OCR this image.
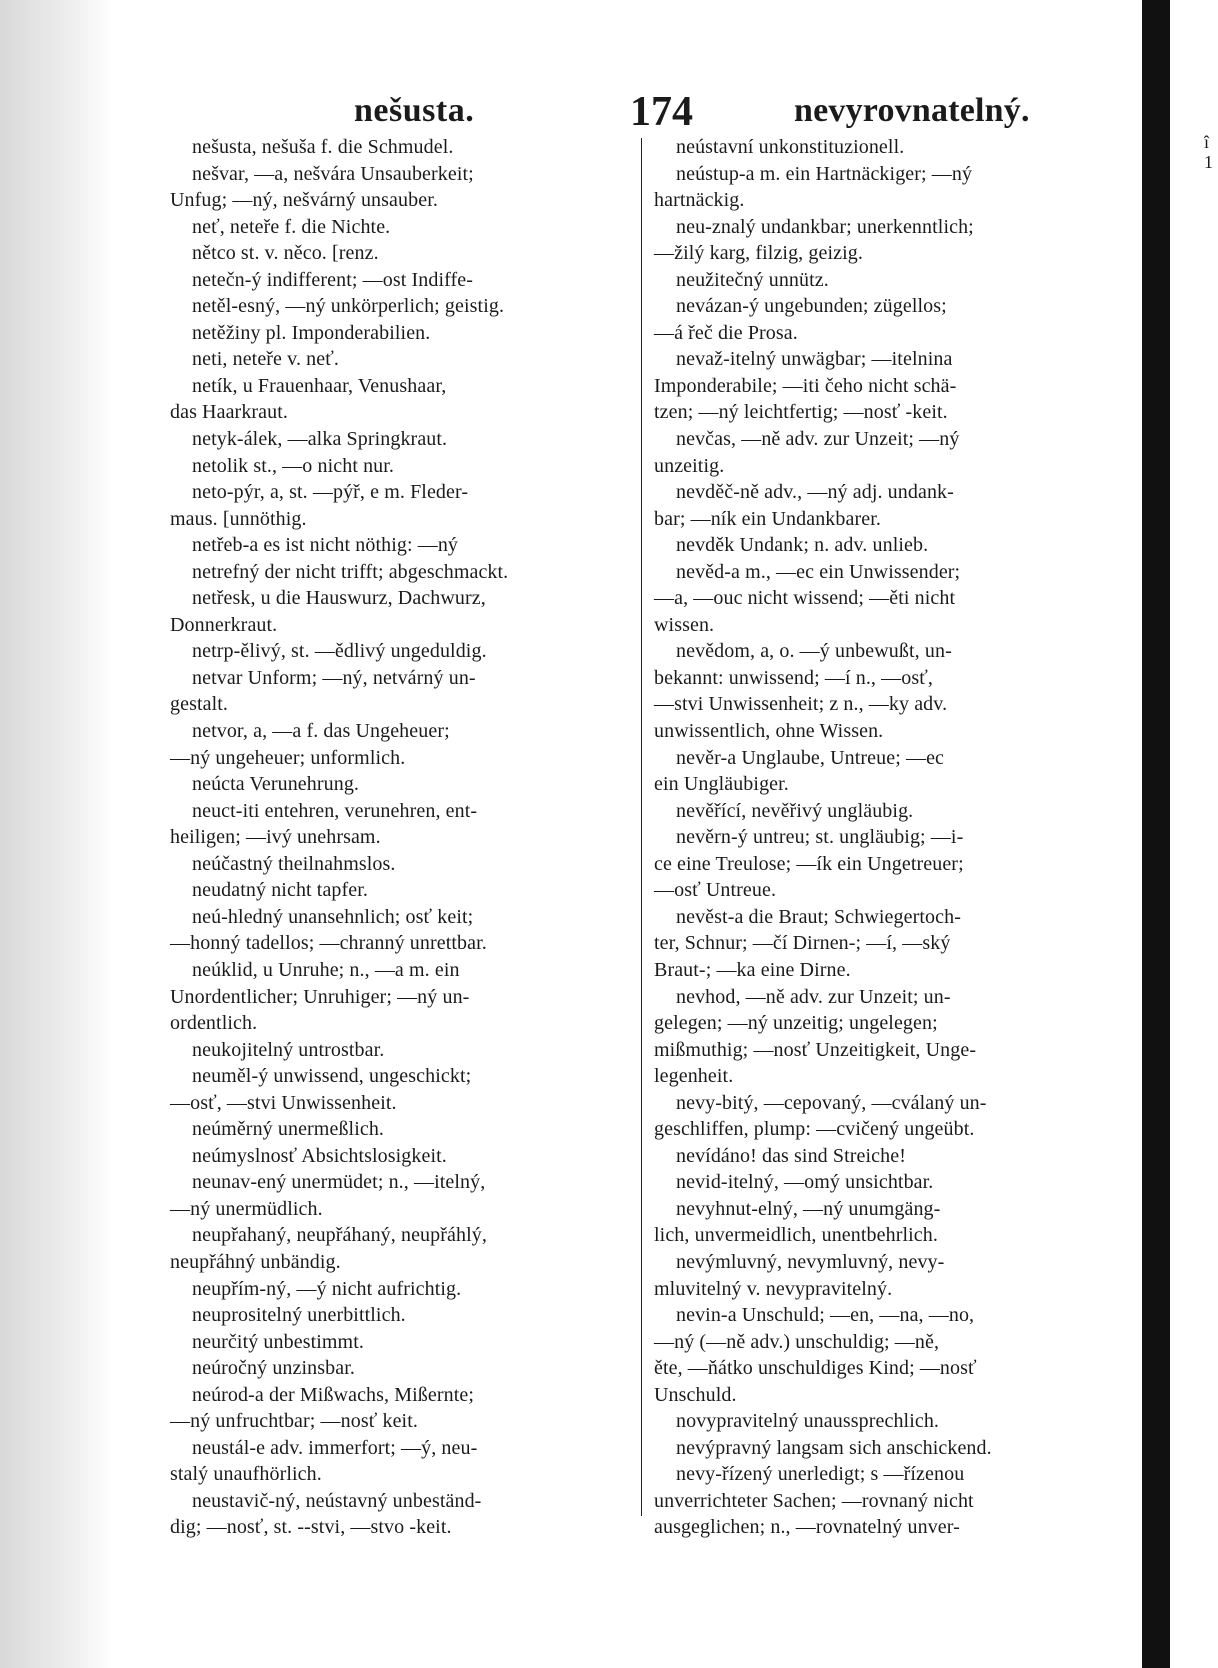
î
1
nešusta.	174	nevyrovnatelný.
nešusta, nešuša f. die Schmudel.
nešvar, —a, nešvára Unsauberkeit;
Unfug; —ný, nešvárný unsauber.
neť, neteře f. die Nichte.
nětco st. v. něco. [renz.
netečn-ý indifferent; —ost Indiffe-
netěl-esný, —ný unkörperlich; geistig.
netěžiny pl. Imponderabilien.
neti, neteře v. neť.
netík, u Frauenhaar, Venushaar,
das Haarkraut.
netyk-álek, —alka Springkraut.
netolik st., —o nicht nur.
neto-pýr, a, st. —pýř, e m. Fleder-
maus. [unnöthig.
netřeb-a es ist nicht nöthig: —ný
netrefný der nicht trifft; abgeschmackt.
netřesk, u die Hauswurz, Dachwurz,
Donnerkraut.
netrp-ělivý, st. —ědlivý ungeduldig.
netvar Unform; —ný, netvárný un-
gestalt.
netvor, a, —a f. das Ungeheuer;
—ný ungeheuer; unformlich.
neúcta Verunehrung.
neuct-iti entehren, verunehren, ent-
heiligen; —ivý unehrsam.
neúčastný theilnahmslos.
neudatný nicht tapfer.
neú-hledný unansehnlich; osť keit;
—honný tadellos; —chranný unrettbar.
neúklid, u Unruhe; n., —a m. ein
Unordentlicher; Unruhiger; —ný un-
ordentlich.
neukojitelný untrostbar.
neuměl-ý unwissend, ungeschickt;
—osť, —stvi Unwissenheit.
neúměrný unermeßlich.
neúmyslnosť Absichtslosigkeit.
neunav-ený unermüdet; n., —itelný,
—ný unermüdlich.
neupřahaný, neupřáhaný, neupřáhlý,
neupřáhný unbändig.
neupřím-ný, —ý nicht aufrichtig.
neuprositelný unerbittlich.
neurčitý unbestimmt.
neúročný unzinsbar.
neúrod-a der Mißwachs, Mißernte;
—ný unfruchtbar; —nosť keit.
neustál-e adv. immerfort; —ý, neu-
stalý unaufhörlich.
neustavič-ný, neústavný unbeständ-
dig; —nosť, st. --stvi, —stvo -keit.
neústavní unkonstituzionell.
neústup-a m. ein Hartnäckiger; —ný
hartnäckig.
neu-znalý undankbar; unerkenntlich;
—žilý karg, filzig, geizig.
neužitečný unnütz.
nevázan-ý ungebunden; zügellos;
—á řeč die Prosa.
nevaž-itelný unwägbar; —itelnina
Imponderabile; —iti čeho nicht schä-
tzen; —ný leichtfertig; —nosť -keit.
nevčas, —ně adv. zur Unzeit; —ný
unzeitig.
nevděč-ně adv., —ný adj. undank-
bar; —ník ein Undankbarer.
nevděk Undank; n. adv. unlieb.
nevěd-a m., —ec ein Unwissender;
—a, —ouc nicht wissend; —ěti nicht
wissen.
nevědom, a, o. —ý unbewußt, un-
bekannt: unwissend; —í n., —osť,
—stvi Unwissenheit; z n., —ky adv.
unwissentlich, ohne Wissen.
nevěr-a Unglaube, Untreue; —ec
ein Ungläubiger.
nevěřící, nevěřivý ungläubig.
nevěrn-ý untreu; st. ungläubig; —i-
ce eine Treulose; —ík ein Ungetreuer;
—osť Untreue.
nevěst-a die Braut; Schwiegertoch-
ter, Schnur; —čí Dirnen-; —í, —ský
Braut-; —ka eine Dirne.
nevhod, —ně adv. zur Unzeit; un-
gelegen; —ný unzeitig; ungelegen;
mißmuthig; —nosť Unzeitigkeit, Unge-
legenheit.
nevy-bitý, —cepovaný, —cválaný un-
geschliffen, plump: —cvičený ungeübt.
nevídáno! das sind Streiche!
nevid-itelný, —omý unsichtbar.
nevyhnut-elný, —ný unumgäng-
lich, unvermeidlich, unentbehrlich.
nevýmluvný, nevymluvný, nevy-
mluvitelný v. nevypravitelný.
nevin-a Unschuld; —en, —na, —no,
—ný (—ně adv.) unschuldig; —ně,
ěte, —ňátko unschuldiges Kind; —nosť
Unschuld.
novypravitelný unaussprechlich.
nevýpravný langsam sich anschickend.
nevy-řízený unerledigt; s —řízenou
unverrichteter Sachen; —rovnaný nicht
ausgeglichen; n., —rovnatelný unver-
